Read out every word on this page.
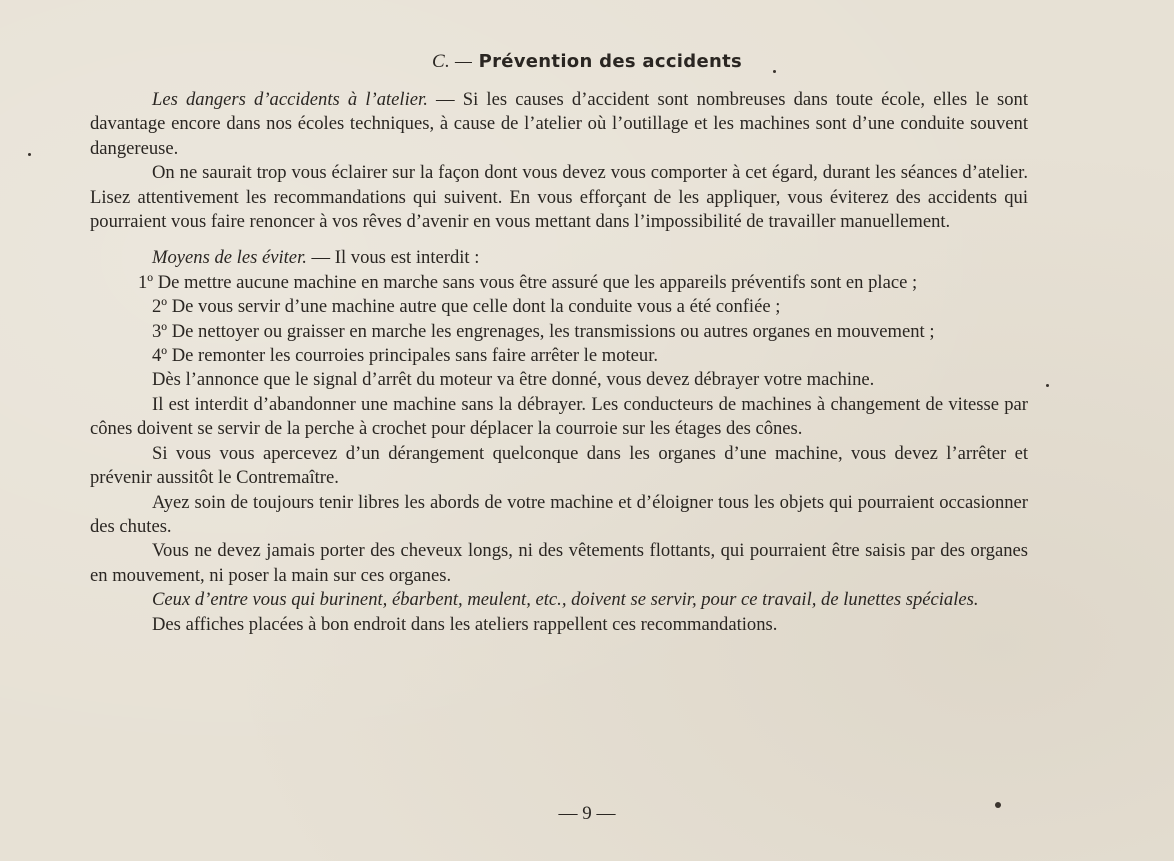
C. — Prévention des accidents

Les dangers d’accidents à l’atelier. — Si les causes d’accident sont nombreuses dans toute école, elles le sont davantage encore dans nos écoles techniques, à cause de l’atelier où l’outillage et les machines sont d’une conduite souvent dangereuse.

On ne saurait trop vous éclairer sur la façon dont vous devez vous comporter à cet égard, durant les séances d’atelier. Lisez attentivement les recommandations qui suivent. En vous efforçant de les appliquer, vous éviterez des accidents qui pourraient vous faire renoncer à vos rêves d’avenir en vous mettant dans l’impossibilité de travailler manuellement.

Moyens de les éviter. — Il vous est interdit :

1º De mettre aucune machine en marche sans vous être assuré que les appareils préventifs sont en place ;

2º De vous servir d’une machine autre que celle dont la conduite vous a été confiée ;

3º De nettoyer ou graisser en marche les engrenages, les transmissions ou autres organes en mouvement ;

4º De remonter les courroies principales sans faire arrêter le moteur.

Dès l’annonce que le signal d’arrêt du moteur va être donné, vous devez débrayer votre machine.

Il est interdit d’abandonner une machine sans la débrayer. Les conducteurs de machines à changement de vitesse par cônes doivent se servir de la perche à crochet pour déplacer la courroie sur les étages des cônes.

Si vous vous apercevez d’un dérangement quelconque dans les organes d’une machine, vous devez l’arrêter et prévenir aussitôt le Contremaître.

Ayez soin de toujours tenir libres les abords de votre machine et d’éloigner tous les objets qui pourraient occasionner des chutes.

Vous ne devez jamais porter des cheveux longs, ni des vêtements flottants, qui pourraient être saisis par des organes en mouvement, ni poser la main sur ces organes.

Ceux d’entre vous qui burinent, ébarbent, meulent, etc., doivent se servir, pour ce travail, de lunettes spéciales.

Des affiches placées à bon endroit dans les ateliers rappellent ces recommandations.

— 9 —
